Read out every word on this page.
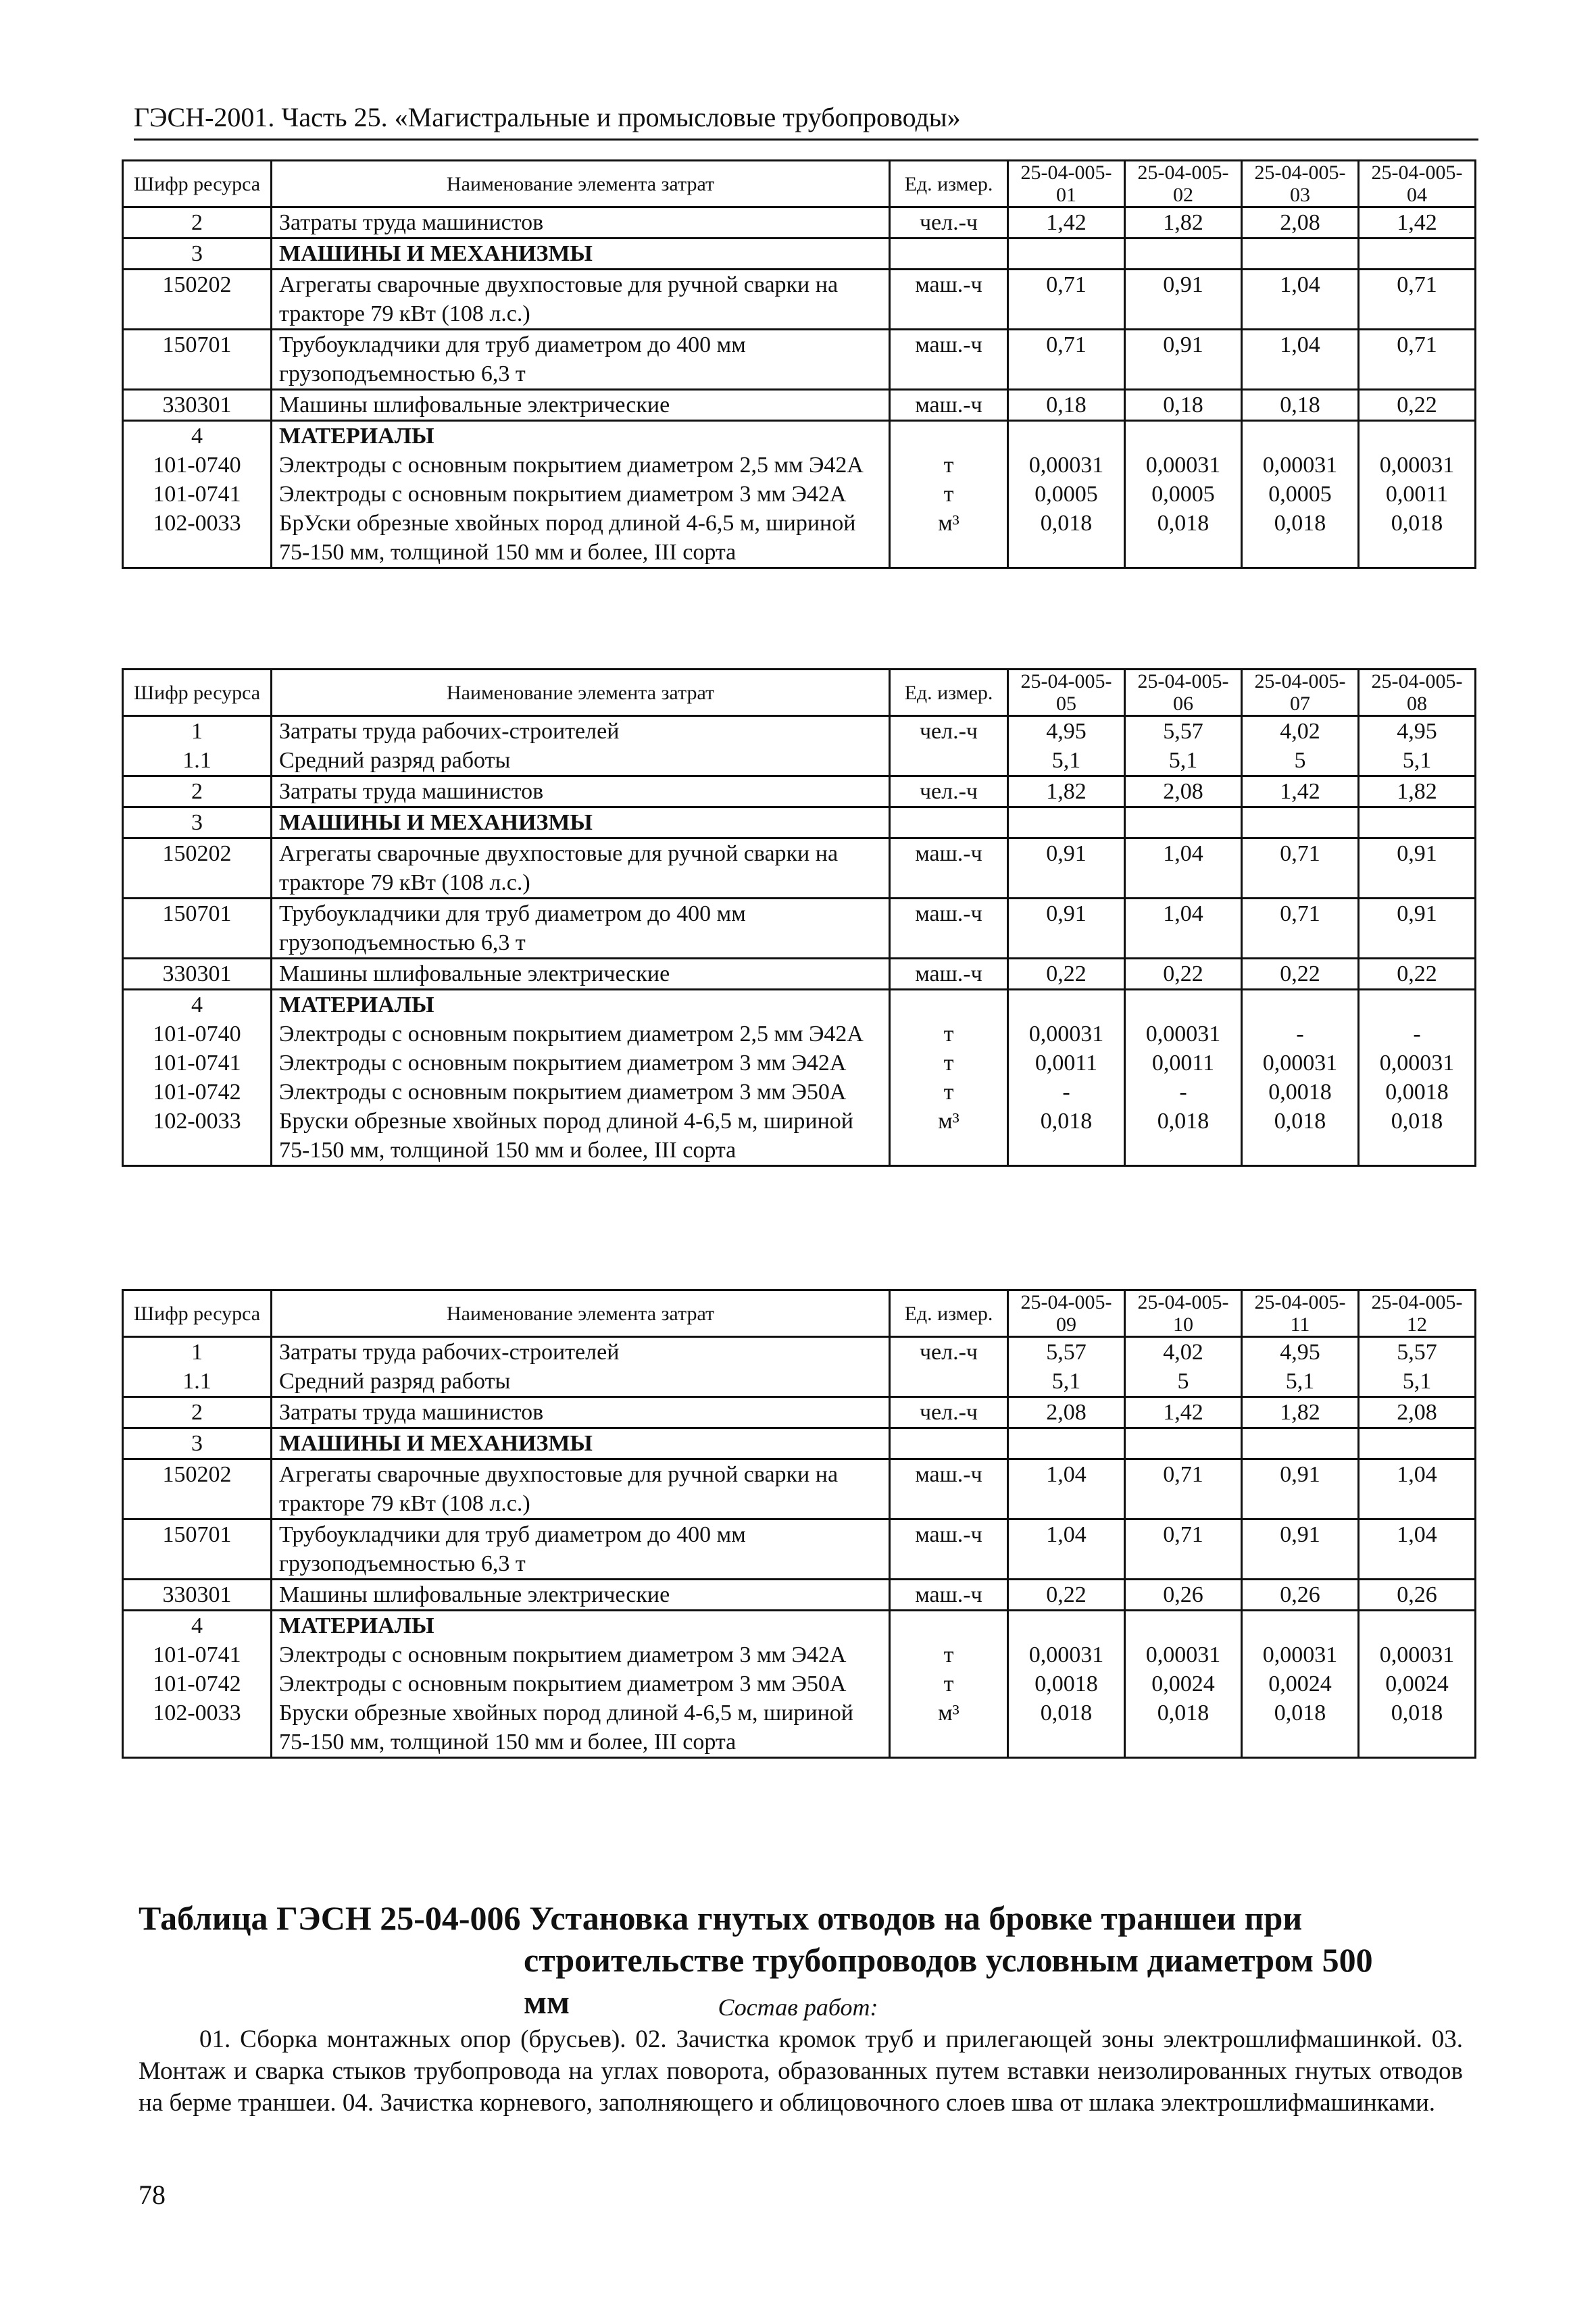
ГЭСН-2001. Часть 25. «Магистральные и промысловые трубопроводы»
Шифр ресурса	Наименование элемента затрат	Ед. измер.	25-04-005-01	25-04-005-02	25-04-005-03	25-04-005-04
2	Затраты труда машинистов	чел.-ч	1,42	1,82	2,08	1,42
3	МАШИНЫ И МЕХАНИЗМЫ					
150202	Агрегаты сварочные двухпостовые для ручной сварки на тракторе 79 кВт (108 л.с.)	маш.-ч	0,71	0,91	1,04	0,71
150701	Трубоукладчики для труб диаметром до 400 мм грузоподъемностью 6,3 т	маш.-ч	0,71	0,91	1,04	0,71
330301	Машины шлифовальные электрические	маш.-ч	0,18	0,18	0,18	0,22
4	МАТЕРИАЛЫ					
101-0740	Электроды с основным покрытием диаметром 2,5 мм Э42А	т	0,00031	0,00031	0,00031	0,00031
101-0741	Электроды с основным покрытием диаметром 3 мм Э42А	т	0,0005	0,0005	0,0005	0,0011
102-0033	БрУски обрезные хвойных пород длиной 4-6,5 м, шириной 75-150 мм, толщиной 150 мм и более, III сорта	м³	0,018	0,018	0,018	0,018
Шифр ресурса	Наименование элемента затрат	Ед. измер.	25-04-005-05	25-04-005-06	25-04-005-07	25-04-005-08
1	Затраты труда рабочих-строителей	чел.-ч	4,95	5,57	4,02	4,95
1.1	Средний разряд работы		5,1	5,1	5	5,1
2	Затраты труда машинистов	чел.-ч	1,82	2,08	1,42	1,82
3	МАШИНЫ И МЕХАНИЗМЫ					
150202	Агрегаты сварочные двухпостовые для ручной сварки на тракторе 79 кВт (108 л.с.)	маш.-ч	0,91	1,04	0,71	0,91
150701	Трубоукладчики для труб диаметром до 400 мм грузоподъемностью 6,3 т	маш.-ч	0,91	1,04	0,71	0,91
330301	Машины шлифовальные электрические	маш.-ч	0,22	0,22	0,22	0,22
4	МАТЕРИАЛЫ					
101-0740	Электроды с основным покрытием диаметром 2,5 мм Э42А	т	0,00031	0,00031	-	-
101-0741	Электроды с основным покрытием диаметром 3 мм Э42А	т	0,0011	0,0011	0,00031	0,00031
101-0742	Электроды с основным покрытием диаметром 3 мм Э50А	т	-	-	0,0018	0,0018
102-0033	Бруски обрезные хвойных пород длиной 4-6,5 м, шириной 75-150 мм, толщиной 150 мм и более, III сорта	м³	0,018	0,018	0,018	0,018
Шифр ресурса	Наименование элемента затрат	Ед. измер.	25-04-005-09	25-04-005-10	25-04-005-11	25-04-005-12
1	Затраты труда рабочих-строителей	чел.-ч	5,57	4,02	4,95	5,57
1.1	Средний разряд работы		5,1	5	5,1	5,1
2	Затраты труда машинистов	чел.-ч	2,08	1,42	1,82	2,08
3	МАШИНЫ И МЕХАНИЗМЫ					
150202	Агрегаты сварочные двухпостовые для ручной сварки на тракторе 79 кВт (108 л.с.)	маш.-ч	1,04	0,71	0,91	1,04
150701	Трубоукладчики для труб диаметром до 400 мм грузоподъемностью 6,3 т	маш.-ч	1,04	0,71	0,91	1,04
330301	Машины шлифовальные электрические	маш.-ч	0,22	0,26	0,26	0,26
4	МАТЕРИАЛЫ					
101-0741	Электроды с основным покрытием диаметром 3 мм Э42А	т	0,00031	0,00031	0,00031	0,00031
101-0742	Электроды с основным покрытием диаметром 3 мм Э50А	т	0,0018	0,0024	0,0024	0,0024
102-0033	Бруски обрезные хвойных пород длиной 4-6,5 м, шириной 75-150 мм, толщиной 150 мм и более, III сорта	м³	0,018	0,018	0,018	0,018
Таблица ГЭСН 25-04-006 Установка гнутых отводов на бровке траншеи при
строительстве трубопроводов условным диаметром 500 мм	Состав работ:
01. Сборка монтажных опор (брусьев). 02. Зачистка кромок труб и прилегающей зоны электрошлифмашинкой. 03. Монтаж и сварка стыков трубопровода на углах поворота, образованных путем вставки неизолированных гнутых отводов на берме траншеи. 04. Зачистка корневого, заполняющего и облицовочного слоев шва от шлака электрошлифмашинками.
78
